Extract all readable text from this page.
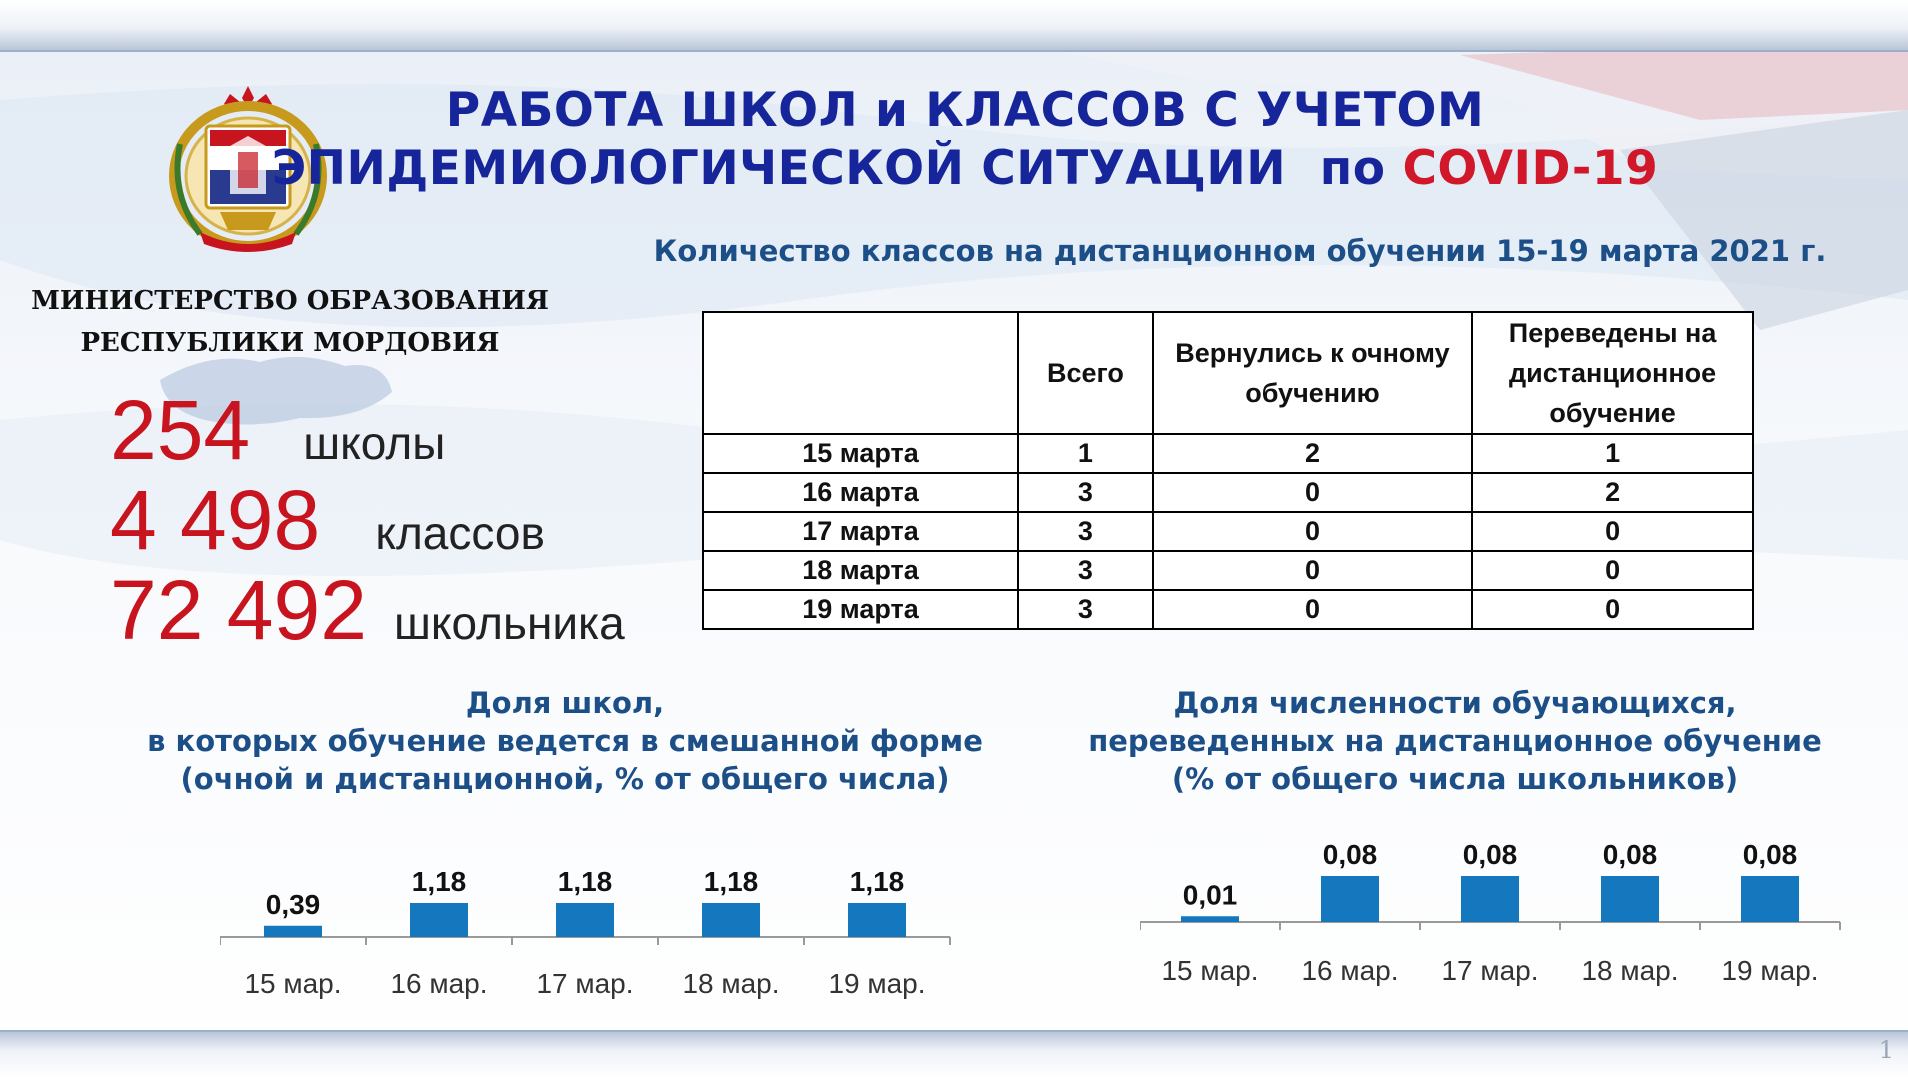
1
РАБОТА ШКОЛ и КЛАССОВ С УЧЕТОМ
ЭПИДЕМИОЛОГИЧЕСКОЙ СИТУАЦИИ  по COVID-19
МИНИСТЕРСТВО ОБРАЗОВАНИЯ
РЕСПУБЛИКИ МОРДОВИЯ
254 школы
4 498 классов
72 492 школьника
Количество классов на дистанционном обучении 15-19 марта 2021 г.
	Всего	Вернулись к очному обучению	Переведены на дистанционное обучение
15 марта	1	2	1
16 марта	3	0	2
17 марта	3	0	0
18 марта	3	0	0
19 марта	3	0	0
Доля школ,
в которых обучение ведется в смешанной форме
(очной и дистанционной, % от общего числа)
Доля численности обучающихся,
переведенных на дистанционное обучение
(% от общего числа школьников)
0,39
15 мар.
1,18
16 мар.
1,18
17 мар.
1,18
18 мар.
1,18
19 мар.
0,01
15 мар.
0,08
16 мар.
0,08
17 мар.
0,08
18 мар.
0,08
19 мар.
